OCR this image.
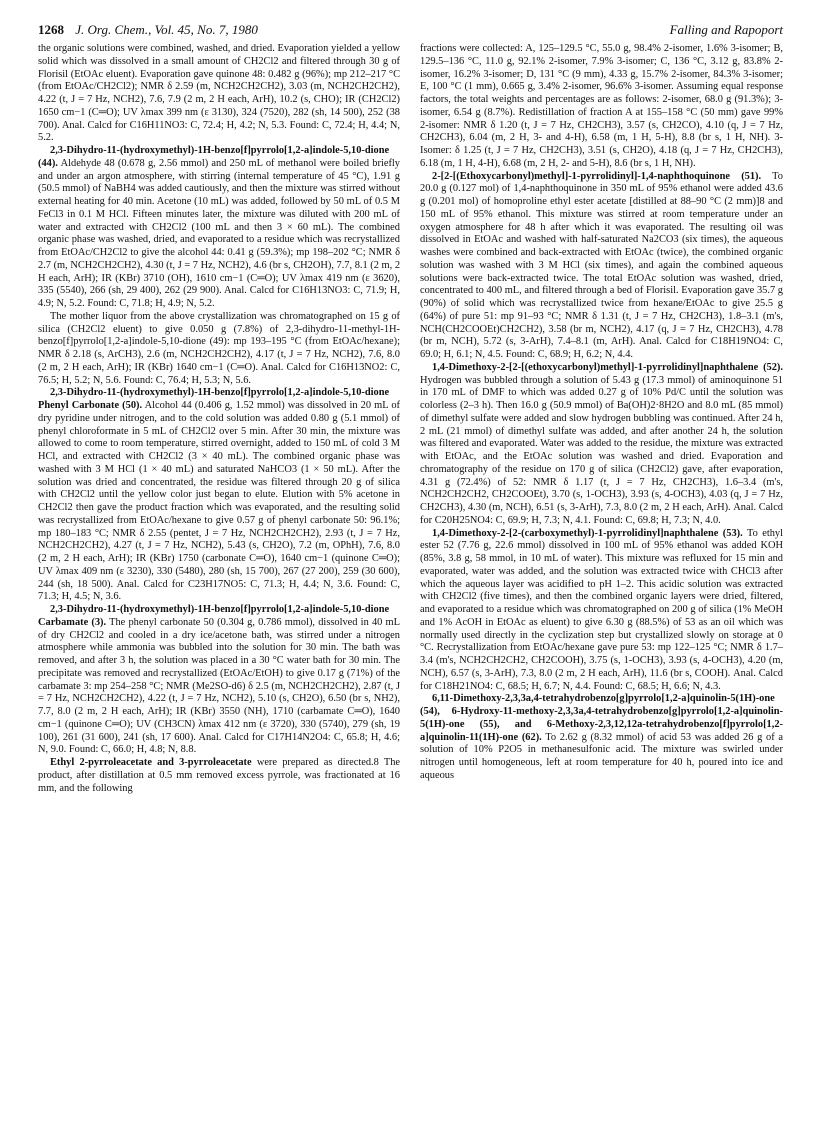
1268 J. Org. Chem., Vol. 45, No. 7, 1980	Falling and Rapoport

the organic solutions were combined, washed, and dried. Evaporation yielded a yellow solid which was dissolved in a small amount of CH2Cl2 and filtered through 30 g of Florisil (EtOAc eluent). Evaporation gave quinone 48: 0.482 g (96%); mp 212–217 °C (from EtOAc/CH2Cl2); NMR δ 2.59 (m, NCH2CH2CH2), 3.03 (m, NCH2CH2CH2), 4.22 (t, J = 7 Hz, NCH2), 7.6, 7.9 (2 m, 2 H each, ArH), 10.2 (s, CHO); IR (CH2Cl2) 1650 cm−1 (C═O); UV λmax 399 nm (ε 3130), 324 (7520), 282 (sh, 14 500), 252 (38 700). Anal. Calcd for C16H11NO3: C, 72.4; H, 4.2; N, 5.3. Found: C, 72.4; H, 4.4; N, 5.2.

2,3-Dihydro-11-(hydroxymethyl)-1H-benzo[f]pyrrolo[1,2-a]indole-5,10-dione (44). Aldehyde 48 (0.678 g, 2.56 mmol) and 250 mL of methanol were boiled briefly and under an argon atmosphere, with stirring (internal temperature of 45 °C), 1.91 g (50.5 mmol) of NaBH4 was added cautiously, and then the mixture was stirred without external heating for 40 min. Acetone (10 mL) was added, followed by 50 mL of 0.5 M FeCl3 in 0.1 M HCl. Fifteen minutes later, the mixture was diluted with 200 mL of water and extracted with CH2Cl2 (100 mL and then 3 × 60 mL). The combined organic phase was washed, dried, and evaporated to a residue which was recrystallized from EtOAc/CH2Cl2 to give the alcohol 44: 0.41 g (59.3%); mp 198–202 °C; NMR δ 2.7 (m, NCH2CH2CH2), 4.30 (t, J = 7 Hz, NCH2), 4.6 (br s, CH2OH), 7.7, 8.1 (2 m, 2 H each, ArH); IR (KBr) 3710 (OH), 1610 cm−1 (C═O); UV λmax 419 nm (ε 3620), 335 (5540), 266 (sh, 29 400), 262 (29 900). Anal. Calcd for C16H13NO3: C, 71.9; H, 4.9; N, 5.2. Found: C, 71.8; H, 4.9; N, 5.2.

The mother liquor from the above crystallization was chromatographed on 15 g of silica (CH2Cl2 eluent) to give 0.050 g (7.8%) of 2,3-dihydro-11-methyl-1H-benzo[f]pyrrolo[1,2-a]indole-5,10-dione (49): mp 193–195 °C (from EtOAc/hexane); NMR δ 2.18 (s, ArCH3), 2.6 (m, NCH2CH2CH2), 4.17 (t, J = 7 Hz, NCH2), 7.6, 8.0 (2 m, 2 H each, ArH); IR (KBr) 1640 cm−1 (C═O). Anal. Calcd for C16H13NO2: C, 76.5; H, 5.2; N, 5.6. Found: C, 76.4; H, 5.3; N, 5.6.

2,3-Dihydro-11-(hydroxymethyl)-1H-benzo[f]pyrrolo[1,2-a]indole-5,10-dione Phenyl Carbonate (50). Alcohol 44 (0.406 g, 1.52 mmol) was dissolved in 20 mL of dry pyridine under nitrogen, and to the cold solution was added 0.80 g (5.1 mmol) of phenyl chloroformate in 5 mL of CH2Cl2 over 5 min. After 30 min, the mixture was allowed to come to room temperature, stirred overnight, added to 150 mL of cold 3 M HCl, and extracted with CH2Cl2 (3 × 40 mL). The combined organic phase was washed with 3 M HCl (1 × 40 mL) and saturated NaHCO3 (1 × 50 mL). After the solution was dried and concentrated, the residue was filtered through 20 g of silica with CH2Cl2 until the yellow color just began to elute. Elution with 5% acetone in CH2Cl2 then gave the product fraction which was evaporated, and the resulting solid was recrystallized from EtOAc/hexane to give 0.57 g of phenyl carbonate 50: 96.1%; mp 180–183 °C; NMR δ 2.55 (pentet, J = 7 Hz, NCH2CH2CH2), 2.93 (t, J = 7 Hz, NCH2CH2CH2), 4.27 (t, J = 7 Hz, NCH2), 5.43 (s, CH2O), 7.2 (m, OPhH), 7.6, 8.0 (2 m, 2 H each, ArH); IR (KBr) 1750 (carbonate C═O), 1640 cm−1 (quinone C═O); UV λmax 409 nm (ε 3230), 330 (5480), 280 (sh, 15 700), 267 (27 200), 259 (30 600), 244 (sh, 18 500). Anal. Calcd for C23H17NO5: C, 71.3; H, 4.4; N, 3.6. Found: C, 71.3; H, 4.5; N, 3.6.

2,3-Dihydro-11-(hydroxymethyl)-1H-benzo[f]pyrrolo[1,2-a]indole-5,10-dione Carbamate (3). The phenyl carbonate 50 (0.304 g, 0.786 mmol), dissolved in 40 mL of dry CH2Cl2 and cooled in a dry ice/acetone bath, was stirred under a nitrogen atmosphere while ammonia was bubbled into the solution for 30 min. The bath was removed, and after 3 h, the solution was placed in a 30 °C water bath for 30 min. The precipitate was removed and recrystallized (EtOAc/EtOH) to give 0.17 g (71%) of the carbamate 3: mp 254–258 °C; NMR (Me2SO-d6) δ 2.5 (m, NCH2CH2CH2), 2.87 (t, J = 7 Hz, NCH2CH2CH2), 4.22 (t, J = 7 Hz, NCH2), 5.10 (s, CH2O), 6.50 (br s, NH2), 7.7, 8.0 (2 m, 2 H each, ArH); IR (KBr) 3550 (NH), 1710 (carbamate C═O), 1640 cm−1 (quinone C═O); UV (CH3CN) λmax 412 nm (ε 3720), 330 (5740), 279 (sh, 19 100), 261 (31 600), 241 (sh, 17 600). Anal. Calcd for C17H14N2O4: C, 65.8; H, 4.6; N, 9.0. Found: C, 66.0; H, 4.8; N, 8.8.

Ethyl 2-pyrroleacetate and 3-pyrroleacetate were prepared as directed.8 The product, after distillation at 0.5 mm removed excess pyrrole, was fractionated at 16 mm, and the following

fractions were collected: A, 125–129.5 °C, 55.0 g, 98.4% 2-isomer, 1.6% 3-isomer; B, 129.5–136 °C, 11.0 g, 92.1% 2-isomer, 7.9% 3-isomer; C, 136 °C, 3.12 g, 83.8% 2-isomer, 16.2% 3-isomer; D, 131 °C (9 mm), 4.33 g, 15.7% 2-isomer, 84.3% 3-isomer; E, 100 °C (1 mm), 0.665 g, 3.4% 2-isomer, 96.6% 3-isomer. Assuming equal response factors, the total weights and percentages are as follows: 2-isomer, 68.0 g (91.3%); 3-isomer, 6.54 g (8.7%). Redistillation of fraction A at 155–158 °C (50 mm) gave 99% 2-isomer: NMR δ 1.20 (t, J = 7 Hz, CH2CH3), 3.57 (s, CH2CO), 4.10 (q, J = 7 Hz, CH2CH3), 6.04 (m, 2 H, 3- and 4-H), 6.58 (m, 1 H, 5-H), 8.8 (br s, 1 H, NH). 3-Isomer: δ 1.25 (t, J = 7 Hz, CH2CH3), 3.51 (s, CH2O), 4.18 (q, J = 7 Hz, CH2CH3), 6.18 (m, 1 H, 4-H), 6.68 (m, 2 H, 2- and 5-H), 8.6 (br s, 1 H, NH).

2-[2-[(Ethoxycarbonyl)methyl]-1-pyrrolidinyl]-1,4-naphthoquinone (51). To 20.0 g (0.127 mol) of 1,4-naphthoquinone in 350 mL of 95% ethanol were added 43.6 g (0.201 mol) of homoproline ethyl ester acetate [distilled at 88–90 °C (2 mm)]8 and 150 mL of 95% ethanol. This mixture was stirred at room temperature under an oxygen atmosphere for 48 h after which it was evaporated. The resulting oil was dissolved in EtOAc and washed with half-saturated Na2CO3 (six times), the aqueous washes were combined and back-extracted with EtOAc (twice), the combined organic solution was washed with 3 M HCl (six times), and again the combined aqueous solutions were back-extracted twice. The total EtOAc solution was washed, dried, concentrated to 400 mL, and filtered through a bed of Florisil. Evaporation gave 35.7 g (90%) of solid which was recrystallized twice from hexane/EtOAc to give 25.5 g (64%) of pure 51: mp 91–93 °C; NMR δ 1.31 (t, J = 7 Hz, CH2CH3), 1.8–3.1 (m's, NCH(CH2COOEt)CH2CH2), 3.58 (br m, NCH2), 4.17 (q, J = 7 Hz, CH2CH3), 4.78 (br m, NCH), 5.72 (s, 3-ArH), 7.4–8.1 (m, ArH). Anal. Calcd for C18H19NO4: C, 69.0; H, 6.1; N, 4.5. Found: C, 68.9; H, 6.2; N, 4.4.

1,4-Dimethoxy-2-[2-[(ethoxycarbonyl)methyl]-1-pyrrolidinyl]naphthalene (52). Hydrogen was bubbled through a solution of 5.43 g (17.3 mmol) of aminoquinone 51 in 170 mL of DMF to which was added 0.27 g of 10% Pd/C until the solution was colorless (2–3 h). Then 16.0 g (50.9 mmol) of Ba(OH)2·8H2O and 8.0 mL (85 mmol) of dimethyl sulfate were added and slow hydrogen bubbling was continued. After 24 h, 2 mL (21 mmol) of dimethyl sulfate was added, and after another 24 h, the solution was filtered and evaporated. Water was added to the residue, the mixture was extracted with EtOAc, and the EtOAc solution was washed and dried. Evaporation and chromatography of the residue on 170 g of silica (CH2Cl2) gave, after evaporation, 4.31 g (72.4%) of 52: NMR δ 1.17 (t, J = 7 Hz, CH2CH3), 1.6–3.4 (m's, NCH2CH2CH2, CH2COOEt), 3.70 (s, 1-OCH3), 3.93 (s, 4-OCH3), 4.03 (q, J = 7 Hz, CH2CH3), 4.30 (m, NCH), 6.51 (s, 3-ArH), 7.3, 8.0 (2 m, 2 H each, ArH). Anal. Calcd for C20H25NO4: C, 69.9; H, 7.3; N, 4.1. Found: C, 69.8; H, 7.3; N, 4.0.

1,4-Dimethoxy-2-[2-(carboxymethyl)-1-pyrrolidinyl]naphthalene (53). To ethyl ester 52 (7.76 g, 22.6 mmol) dissolved in 100 mL of 95% ethanol was added KOH (85%, 3.8 g, 58 mmol, in 10 mL of water). This mixture was refluxed for 15 min and evaporated, water was added, and the solution was extracted twice with CHCl3 after which the aqueous layer was acidified to pH 1–2. This acidic solution was extracted with CH2Cl2 (five times), and then the combined organic layers were dried, filtered, and evaporated to a residue which was chromatographed on 200 g of silica (1% MeOH and 1% AcOH in EtOAc as eluent) to give 6.30 g (88.5%) of 53 as an oil which was normally used directly in the cyclization step but crystallized slowly on storage at 0 °C. Recrystallization from EtOAc/hexane gave pure 53: mp 122–125 °C; NMR δ 1.7–3.4 (m's, NCH2CH2CH2, CH2COOH), 3.75 (s, 1-OCH3), 3.93 (s, 4-OCH3), 4.20 (m, NCH), 6.57 (s, 3-ArH), 7.3, 8.0 (2 m, 2 H each, ArH), 11.6 (br s, COOH). Anal. Calcd for C18H21NO4: C, 68.5; H, 6.7; N, 4.4. Found: C, 68.5; H, 6.6; N, 4.3.

6,11-Dimethoxy-2,3,3a,4-tetrahydrobenzo[g]pyrrolo[1,2-a]quinolin-5(1H)-one (54), 6-Hydroxy-11-methoxy-2,3,3a,4-tetrahydrobenzo[g]pyrrolo[1,2-a]quinolin-5(1H)-one (55), and 6-Methoxy-2,3,12,12a-tetrahydrobenzo[f]pyrrolo[1,2-a]quinolin-11(1H)-one (62). To 2.62 g (8.32 mmol) of acid 53 was added 26 g of a solution of 10% P2O5 in methanesulfonic acid. The mixture was swirled under nitrogen until homogeneous, left at room temperature for 40 h, poured into ice and aqueous
